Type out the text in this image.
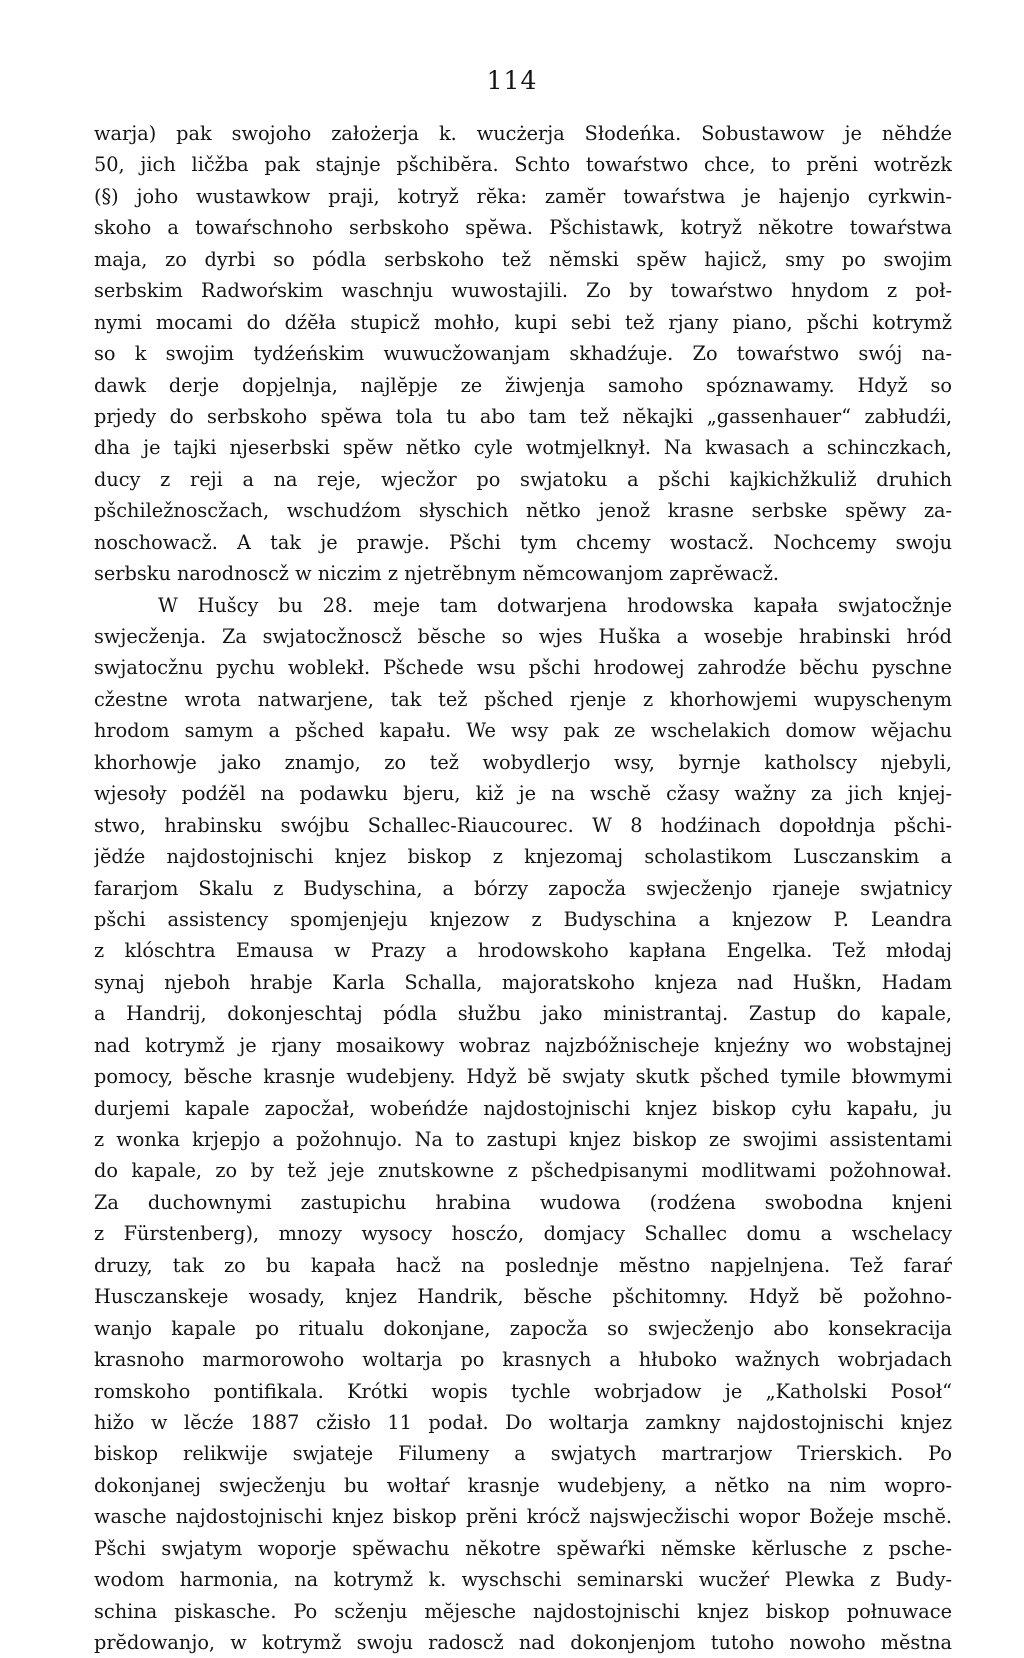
114
warja) pak swojoho założerja k. wucżerja Słodeńka. Sobustawow je nĕhdźe
50, jich ličžba pak stajnje pšchibĕra. Schto towaŕstwo chce, to prĕni wotrĕzk
(§) joho wustawkow praji, kotryž rĕka: zamĕr towaŕstwa je hajenjo cyrkwin-
skoho a towaŕschnoho serbskoho spĕwa. Pšchistawk, kotryž nĕkotre towaŕstwa
maja, zo dyrbi so pódla serbskoho tež nĕmski spĕw hajicž, smy po swojim
serbskim Radwoŕskim waschnju wuwostajili. Zo by towaŕstwo hnydom z poł-
nymi mocami do dźĕła stupicž mohło, kupi sebi tež rjany piano, pšchi kotrymž
so k swojim tydźeńskim wuwucžowanjam skhadźuje. Zo towaŕstwo swój na-
dawk derje dopjelnja, najlĕpje ze žiwjenja samoho spóznawamy. Hdyž so
prjedy do serbskoho spĕwa tola tu abo tam tež nĕkajki „gassenhauer“ zabłudźi,
dha je tajki njeserbski spĕw nĕtko cyle wotmjelknył. Na kwasach a schinczkach,
ducy z reji a na reje, wjecžor po swjatoku a pšchi kajkichžkuliž druhich
pšchiležnoscžach, wschudźom słyschich nĕtko jenož krasne serbske spĕwy za-
noschowacž. A tak je prawje. Pšchi tym chcemy wostacž. Nochcemy swoju
serbsku narodnoscž w niczim z njetrĕbnym nĕmcowanjom zaprĕwacž.
W Hušcy bu 28. meje tam dotwarjena hrodowska kapała swjatocžnje
swjecženja. Za swjatocžnoscž bĕsche so wjes Huška a wosebje hrabinski hród
swjatocžnu pychu woblekł. Pšchede wsu pšchi hrodowej zahrodźe bĕchu pyschne
cžestne wrota natwarjene, tak tež pšched rjenje z khorhowjemi wupyschenym
hrodom samym a pšched kapału. We wsy pak ze wschelakich domow wĕjachu
khorhowje jako znamjo, zo tež wobydlerjo wsy, byrnje katholscy njebyli,
wjesoły podźĕl na podawku bjeru, kiž je na wschĕ cžasy wažny za jich knjej-
stwo, hrabinsku swójbu Schallec-Riaucourec. W 8 hodźinach dopołdnja pšchi-
jĕdźe najdostojnischi knjez biskop z knjezomaj scholastikom Lusczanskim a
fararjom Skalu z Budyschina, a bórzy zapocža swjecženjo rjaneje swjatnicy
pšchi assistency spomjenjeju knjezow z Budyschina a knjezow P. Leandra
z klóschtra Emausa w Prazy a hrodowskoho kapłana Engelka. Tež młodaj
synaj njeboh hrabje Karla Schalla, majoratskoho knjeza nad Huškn, Hadam
a Handrij, dokonjeschtaj pódla słužbu jako ministrantaj. Zastup do kapale,
nad kotrymž je rjany mosaikowy wobraz najzbóžnischeje knjeźny wo wobstajnej
pomocy, bĕsche krasnje wudebjeny. Hdyž bĕ swjaty skutk pšched tymile błowmymi
durjemi kapale zapocžał, wobeńdźe najdostojnischi knjez biskop cyłu kapału, ju
z wonka krjepjo a požohnujo. Na to zastupi knjez biskop ze swojimi assistentami
do kapale, zo by tež jeje znutskowne z pšchedpisanymi modlitwami požohnował.
Za duchownymi zastupichu hrabina wudowa (rodźena swobodna knjeni
z Fürstenberg), mnozy wysocy hoscźo, domjacy Schallec domu a wschelacy
druzy, tak zo bu kapała hacž na poslednje mĕstno napjelnjena. Tež faraŕ
Husczanskeje wosady, knjez Handrik, bĕsche pšchitomny. Hdyž bĕ požohno-
wanjo kapale po ritualu dokonjane, zapocža so swjecženjo abo konsekracija
krasnoho marmorowoho woltarja po krasnych a hłuboko wažnych wobrjadach
romskoho pontifikala. Krótki wopis tychle wobrjadow je „Katholski Posoł“
hižo w lĕcźe 1887 cžisło 11 podał. Do woltarja zamkny najdostojnischi knjez
biskop relikwije swjateje Filumeny a swjatych martrarjow Trierskich. Po
dokonjanej swjecženju bu wołtaŕ krasnje wudebjeny, a nĕtko na nim wopro-
wasche najdostojnischi knjez biskop prĕni krócž najswjecžischi wopor Božeje mschĕ.
Pšchi swjatym woporje spĕwachu nĕkotre spĕwaŕki nĕmske kĕrlusche z psche-
wodom harmonia, na kotrymž k. wyschschi seminarski wucžeŕ Plewka z Budy-
schina piskasche. Po scženju mĕjesche najdostojnischi knjez biskop połnuwace
prĕdowanjo, w kotrymž swoju radoscž nad dokonjenjom tutoho nowoho mĕstna
